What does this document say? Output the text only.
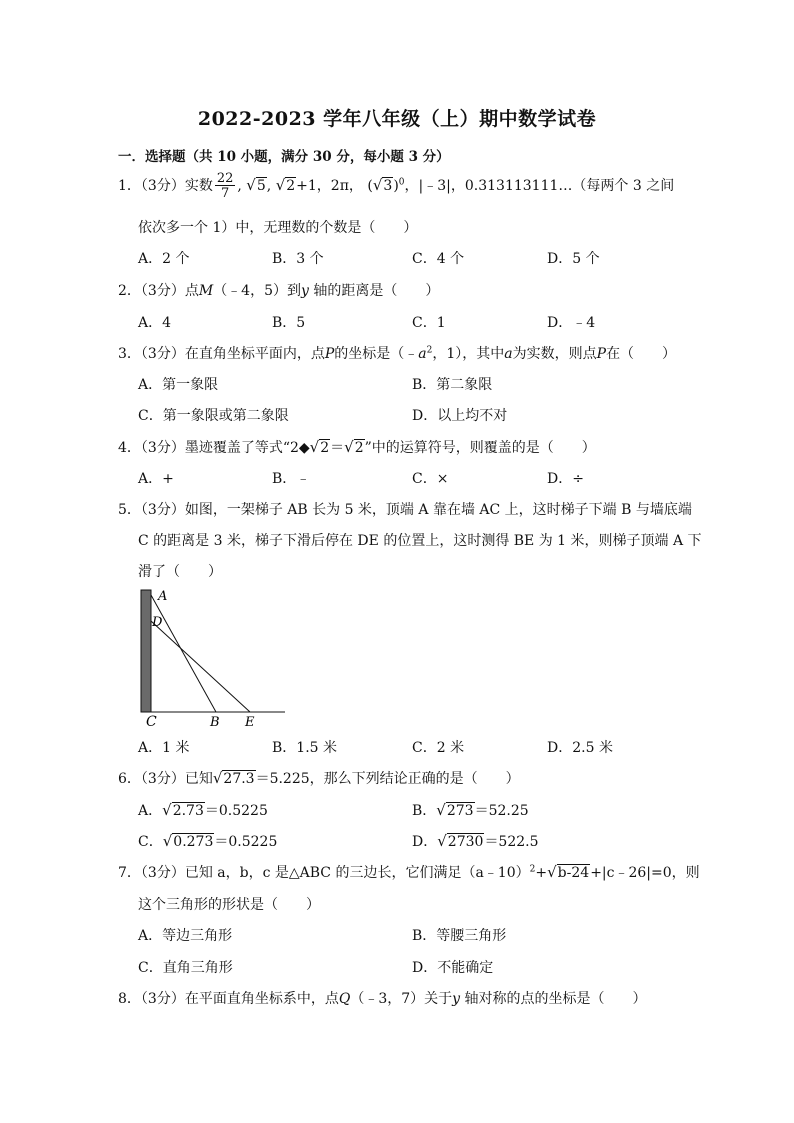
2022-2023 学年八年级（上）期中数学试卷
一．选择题（共 10 小题，满分 30 分，每小题 3 分）
1．（3分）实数 $\frac{22}{7}$ , √5, √2+1，2π， $(√3)^0$，|﹣3|，0.313113111…（每两个 3 之间
依次多一个 1）中，无理数的个数是（　　）
A．2 个	B．3 个	C．4 个	D．5 个
2．（3分）点M（﹣4，5）到y 轴的距离是（　　）
A．4	B．5	C．1	D．﹣4
3．（3分）在直角坐标平面内，点P的坐标是（$﹣a^2$，1），其中a为实数，则点P在（　　）
A．第一象限	B．第二象限
C．第一象限或第二象限	D．以上均不对
4．（3分）墨迹覆盖了等式“2◆√2＝√2”中的运算符号，则覆盖的是（　　）
A．+	B．﹣	C．×	D．÷
5．（3分）如图，一架梯子 AB 长为 5 米，顶端 A 靠在墙 AC 上，这时梯子下端 B 与墙底端
C 的距离是 3 米，梯子下滑后停在 DE 的位置上，这时测得 BE 为 1 米，则梯子顶端 A 下
滑了（　　）
A
D
C	B E
A．1 米	B．1.5 米	C．2 米	D．2.5 米
6．（3分）已知√27.3＝5.225，那么下列结论正确的是（　　）
A．√2.73＝0.5225	B．√273＝52.25
C．√0.273＝0.5225	D．√2730＝522.5
7．（3分）已知 a，b，c 是△ABC 的三边长，它们满足（a﹣10）$^2$+√b-24+|c﹣26|=0，则
这个三角形的形状是（　　）
A．等边三角形	B．等腰三角形
C．直角三角形	D．不能确定
8．（3分）在平面直角坐标系中，点Q（﹣3，7）关于y 轴对称的点的坐标是（　　）
